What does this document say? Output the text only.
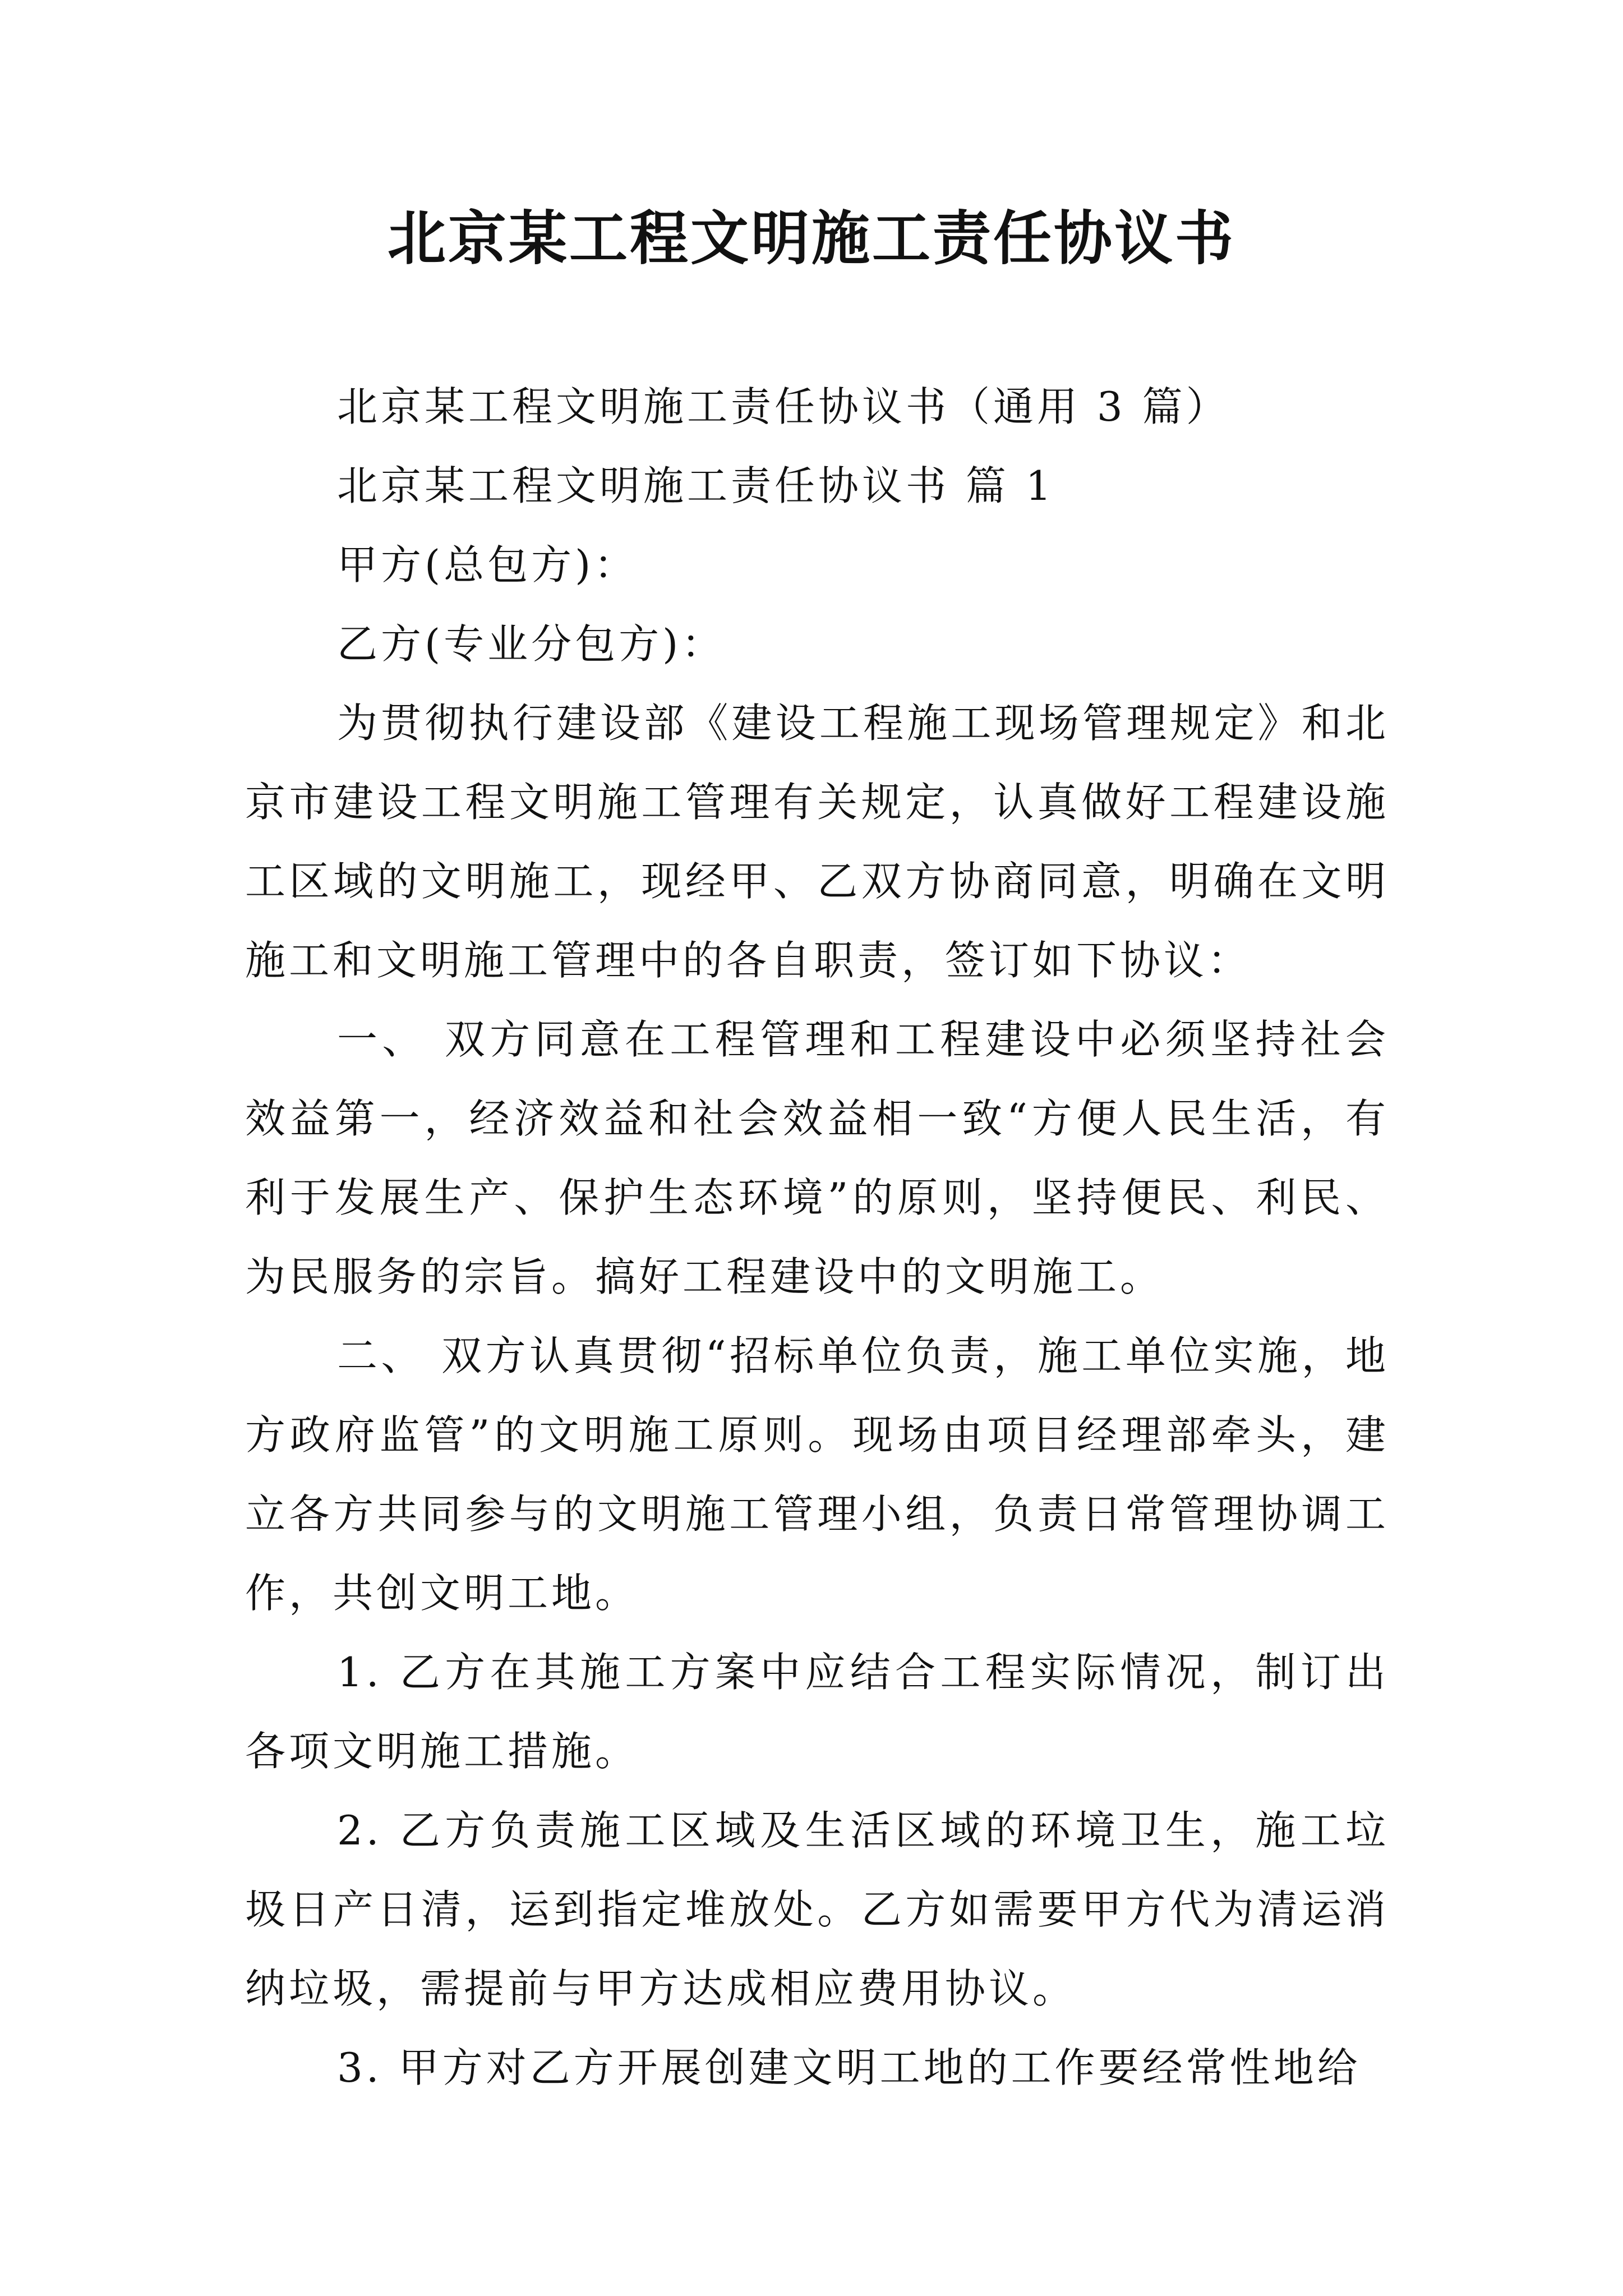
北京某工程文明施工责任协议书

北京某工程文明施工责任协议书（通用 3 篇）

北京某工程文明施工责任协议书 篇 1

甲方(总包方)：

乙方(专业分包方)：

为贯彻执行建设部《建设工程施工现场管理规定》和北京市建设工程文明施工管理有关规定，认真做好工程建设施工区域的文明施工，现经甲、乙双方协商同意，明确在文明施工和文明施工管理中的各自职责，签订如下协议：

一、 双方同意在工程管理和工程建设中必须坚持社会效益第一，经济效益和社会效益相一致“方便人民生活，有利于发展生产、保护生态环境”的原则，坚持便民、利民、为民服务的宗旨。搞好工程建设中的文明施工。

二、 双方认真贯彻“招标单位负责，施工单位实施，地方政府监管”的文明施工原则。现场由项目经理部牵头，建立各方共同参与的文明施工管理小组，负责日常管理协调工作，共创文明工地。

1. 乙方在其施工方案中应结合工程实际情况，制订出各项文明施工措施。

2. 乙方负责施工区域及生活区域的环境卫生，施工垃圾日产日清，运到指定堆放处。乙方如需要甲方代为清运消纳垃圾，需提前与甲方达成相应费用协议。

3. 甲方对乙方开展创建文明工地的工作要经常性地给
